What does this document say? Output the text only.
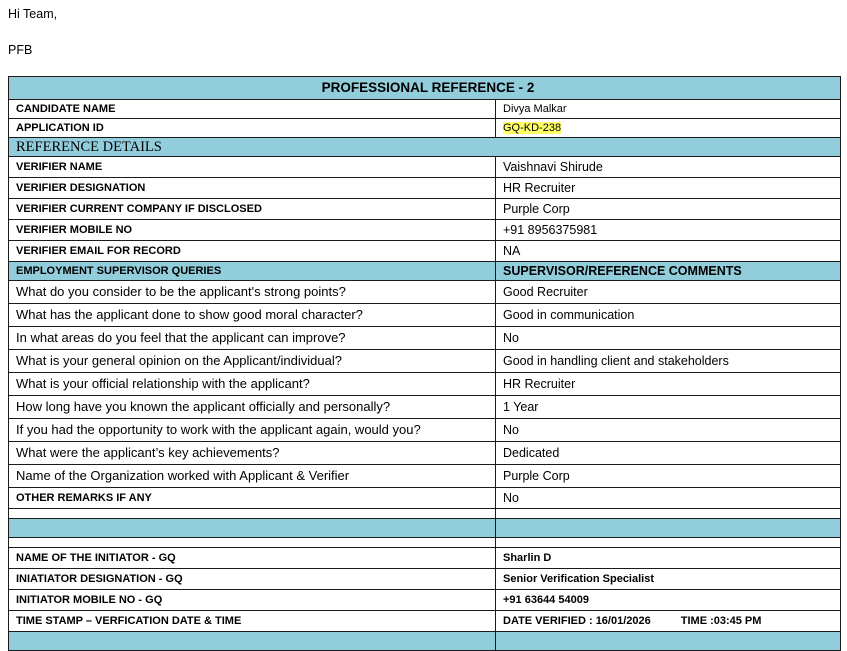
Hi Team,
PFB
PROFESSIONAL REFERENCE - 2	
CANDIDATE NAME	Divya Malkar
APPLICATION ID	GQ-KD-238
REFERENCE DETAILS	
VERIFIER NAME	Vaishnavi Shirude
VERIFIER DESIGNATION	HR Recruiter
VERIFIER CURRENT COMPANY IF DISCLOSED	Purple Corp
VERIFIER MOBILE NO	+91 8956375981
VERIFIER EMAIL FOR RECORD	NA
EMPLOYMENT SUPERVISOR QUERIES	SUPERVISOR/REFERENCE COMMENTS
What do you consider to be the applicant's strong points?	Good Recruiter
What has the applicant done to show good moral character?	Good in communication
In what areas do you feel that the applicant can improve?	No
What is your general opinion on the Applicant/individual?	Good in handling client and stakeholders
What is your official relationship with the applicant?	HR Recruiter
How long have you known the applicant officially and personally?	1 Year
If you had the opportunity to work with the applicant again, would you?	No
What were the applicant’s key achievements?	Dedicated
Name of the Organization worked with Applicant & Verifier	Purple Corp
OTHER REMARKS IF ANY	No

NAME OF THE INITIATOR - GQ	Sharlin D
INIATIATOR DESIGNATION - GQ	Senior Verification Specialist
INITIATOR MOBILE NO - GQ	+91 63644 54009
TIME STAMP – VERFICATION DATE & TIME	DATE VERIFIED : 16/01/2026 TIME :03:45 PM
